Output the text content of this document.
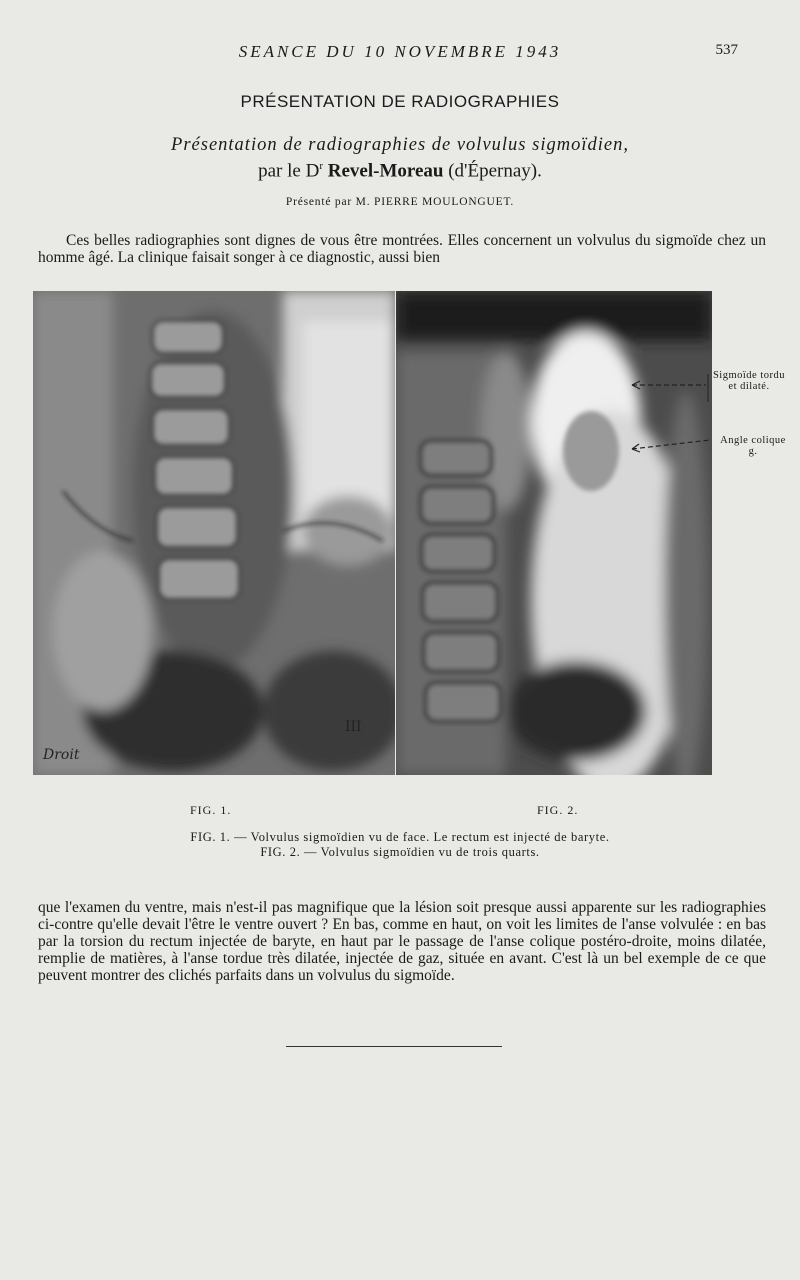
SEANCE DU 10 NOVEMBRE 1943	537
PRÉSENTATION DE RADIOGRAPHIES
Présentation de radiographies de volvulus sigmoïdien,
par le $D^r$ Revel-Moreau (d'Épernay).
Présenté par M. PIERRE MOULONGUET.
Ces belles radiographies sont dignes de vous être montrées. Elles concernent un volvulus du sigmoïde chez un homme âgé. La clinique faisait songer à ce diagnostic, aussi bien
Droit
III
Sigmoïde tordu et dilaté.
Angle colique g.
FIG. 1.	FIG. 2.
FIG. 1. — Volvulus sigmoïdien vu de face. Le rectum est injecté de baryte.
FIG. 2. — Volvulus sigmoïdien vu de trois quarts.
que l'examen du ventre, mais n'est-il pas magnifique que la lésion soit presque aussi apparente sur les radiographies ci-contre qu'elle devait l'être le ventre ouvert ? En bas, comme en haut, on voit les limites de l'anse volvulée : en bas par la torsion du rectum injectée de baryte, en haut par le passage de l'anse colique postéro-droite, moins dilatée, remplie de matières, à l'anse tordue très dilatée, injectée de gaz, située en avant. C'est là un bel exemple de ce que peuvent montrer des clichés parfaits dans un volvulus du sigmoïde.
